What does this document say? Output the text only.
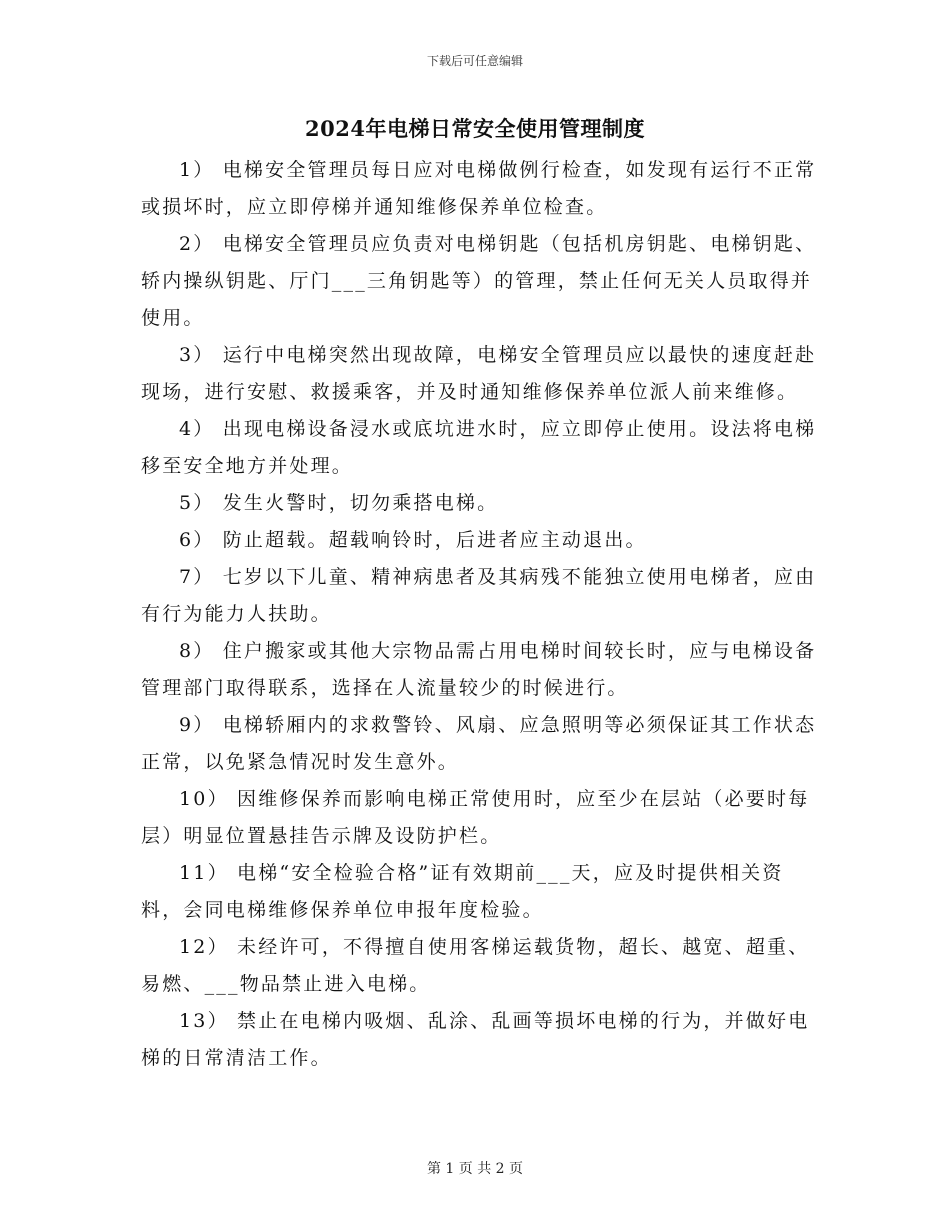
下载后可任意编辑
2024年电梯日常安全使用管理制度

1） 电梯安全管理员每日应对电梯做例行检查，如发现有运行不正常或损坏时，应立即停梯并通知维修保养单位检查。

2） 电梯安全管理员应负责对电梯钥匙（包括机房钥匙、电梯钥匙、轿内操纵钥匙、厅门___三角钥匙等）的管理，禁止任何无关人员取得并使用。

3） 运行中电梯突然出现故障，电梯安全管理员应以最快的速度赶赴现场，进行安慰、救援乘客，并及时通知维修保养单位派人前来维修。

4） 出现电梯设备浸水或底坑进水时，应立即停止使用。设法将电梯移至安全地方并处理。

5） 发生火警时，切勿乘搭电梯。

6） 防止超载。超载响铃时，后进者应主动退出。

7） 七岁以下儿童、精神病患者及其病残不能独立使用电梯者，应由有行为能力人扶助。

8） 住户搬家或其他大宗物品需占用电梯时间较长时，应与电梯设备管理部门取得联系，选择在人流量较少的时候进行。

9） 电梯轿厢内的求救警铃、风扇、应急照明等必须保证其工作状态正常，以免紧急情况时发生意外。

10） 因维修保养而影响电梯正常使用时，应至少在层站（必要时每层）明显位置悬挂告示牌及设防护栏。

11） 电梯“安全检验合格”证有效期前___天，应及时提供相关资料，会同电梯维修保养单位申报年度检验。

12） 未经许可，不得擅自使用客梯运载货物，超长、越宽、超重、易燃、___物品禁止进入电梯。

13） 禁止在电梯内吸烟、乱涂、乱画等损坏电梯的行为，并做好电梯的日常清洁工作。

第 1 页 共 2 页
